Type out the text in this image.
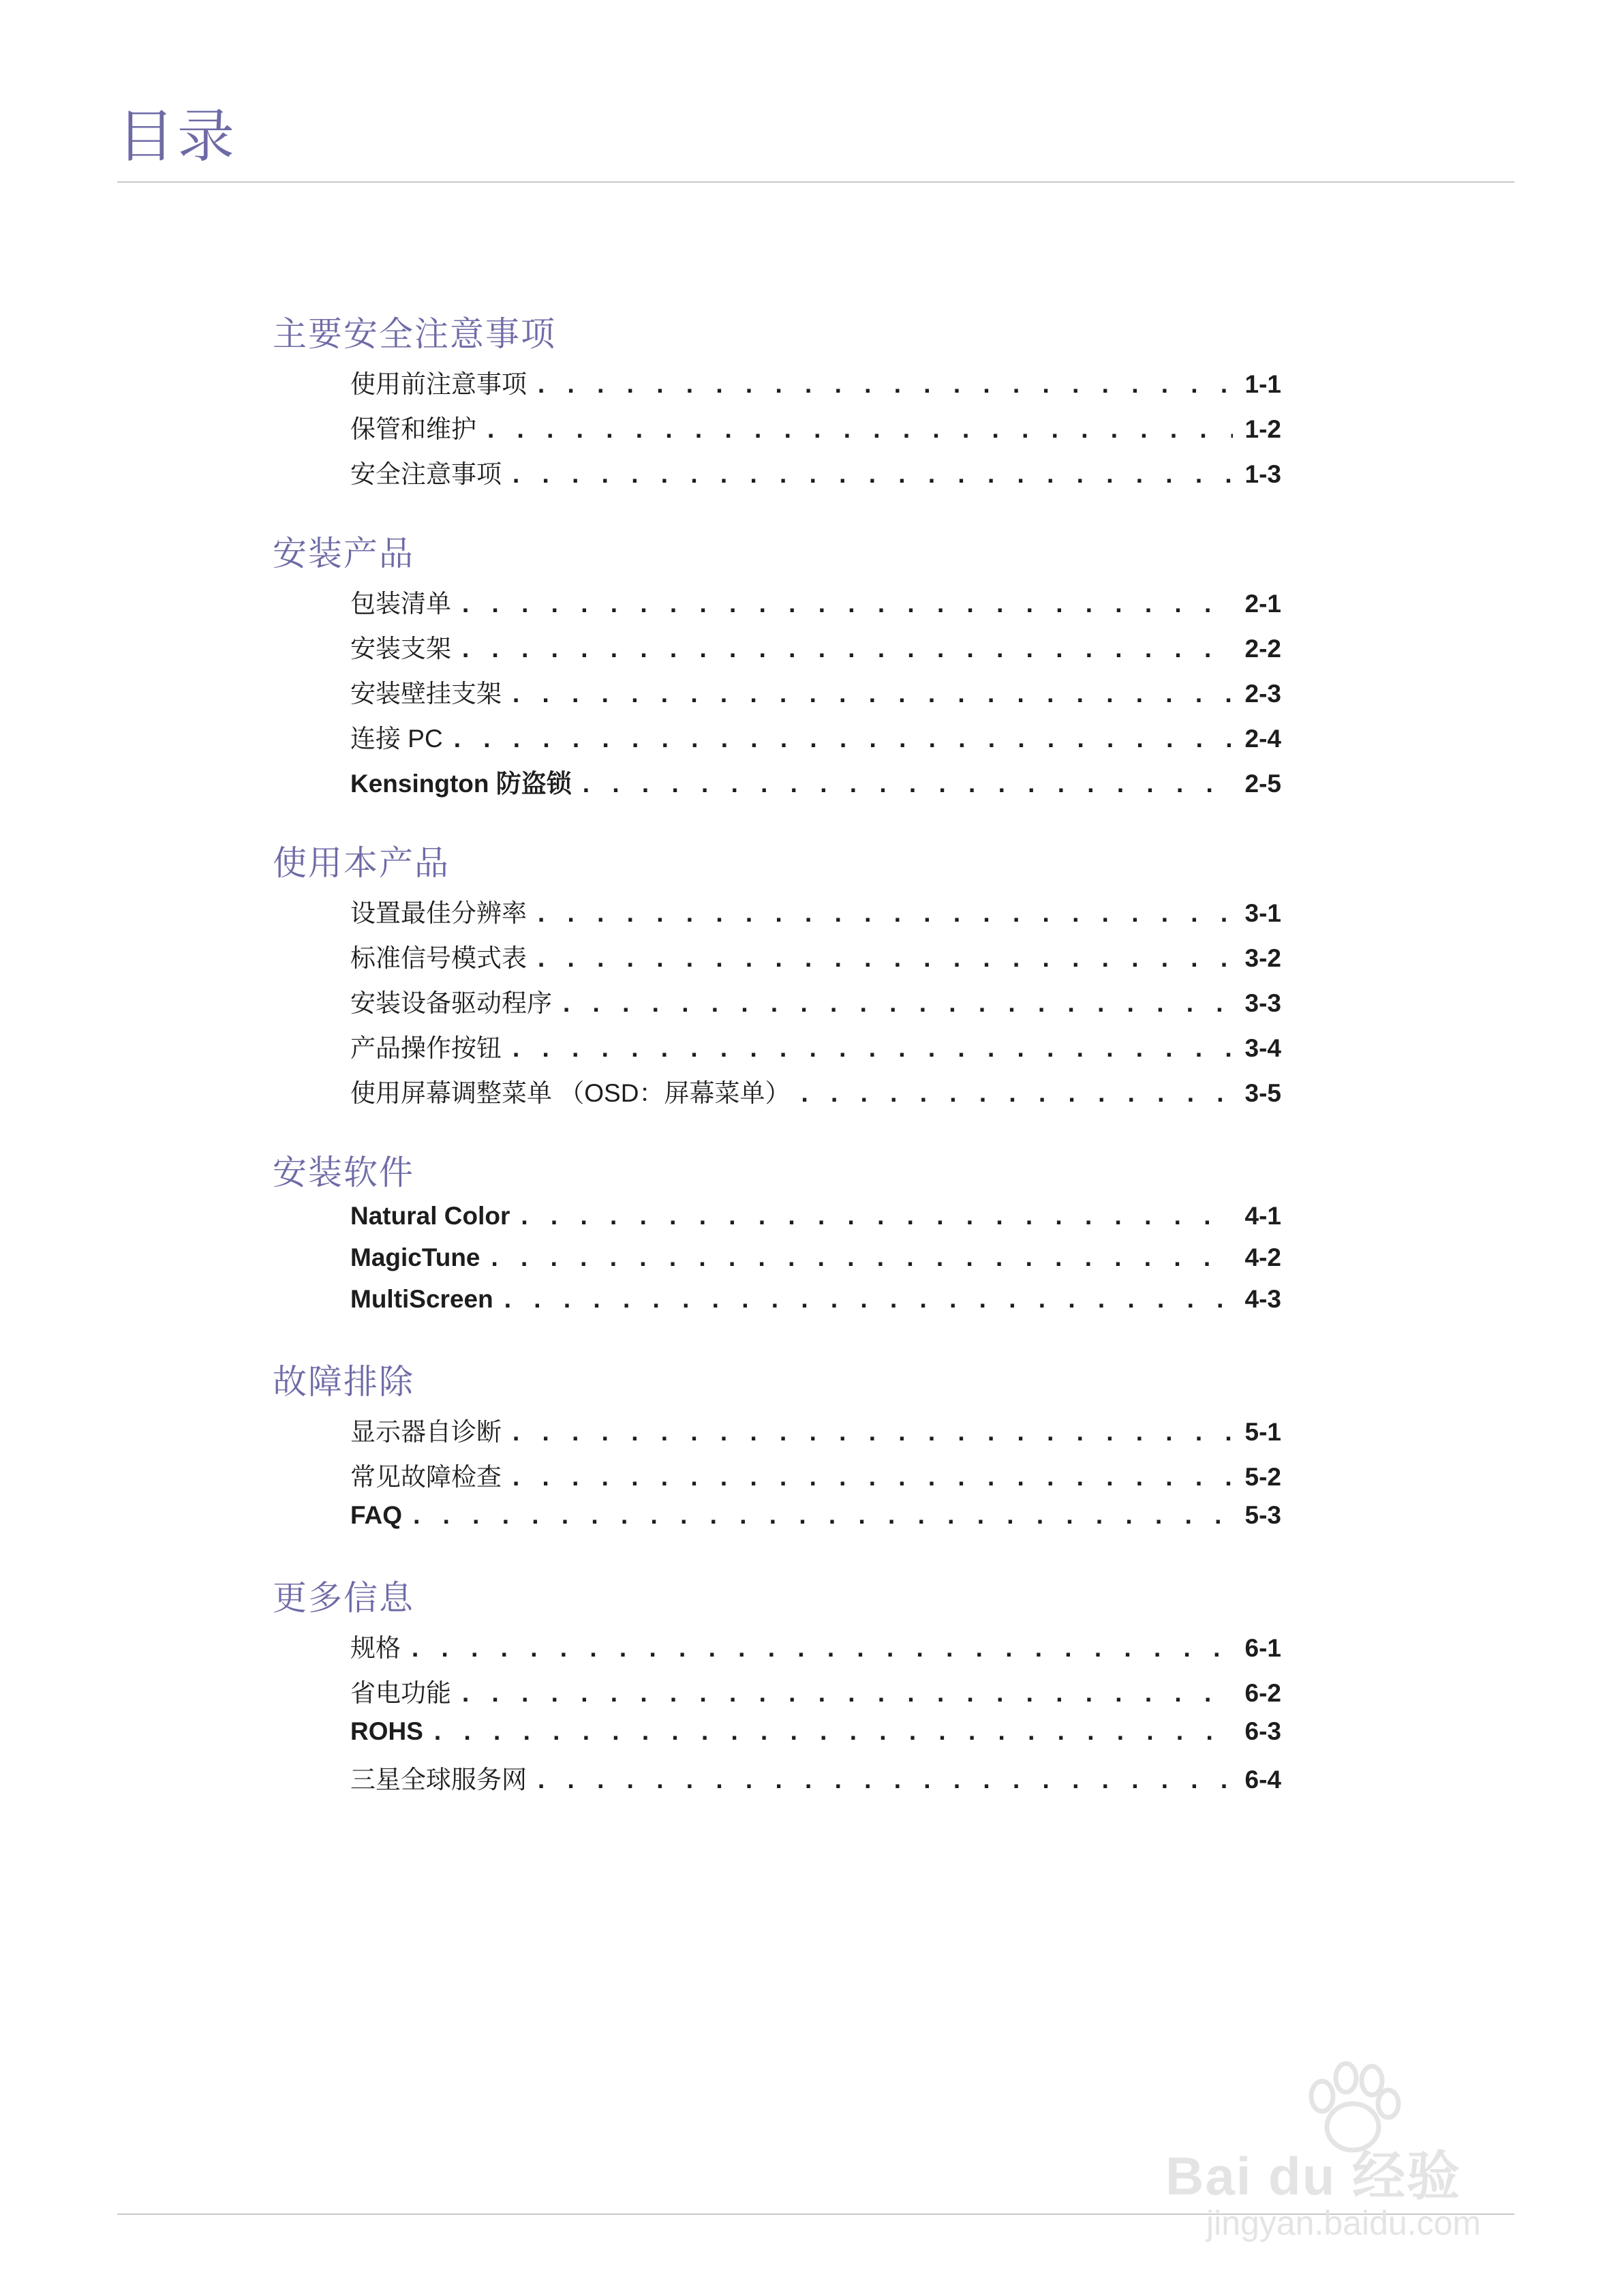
目录
主要安全注意事项
使用前注意事项 . . .	1-1
保管和维护 . . .	1-2
安全注意事项 . . .	1-3
安装产品
包装清单 . . .	2-1
安装支架 . . .	2-2
安装壁挂支架 . . .	2-3
连接 PC . . .	2-4
Kensington 防盗锁 . . .	2-5
使用本产品
设置最佳分辨率 . . .	3-1
标准信号模式表 . . .	3-2
安装设备驱动程序 . . .	3-3
产品操作按钮 . . .	3-4
使用屏幕调整菜单 （OSD：屏幕菜单） . . .	3-5
安装软件
Natural Color . . .	4-1
MagicTune . . .	4-2
MultiScreen . . .	4-3
故障排除
显示器自诊断 . . .	5-1
常见故障检查 . . .	5-2
FAQ . . .	5-3
更多信息
规格 . . .	6-1
省电功能 . . .	6-2
ROHS . . .	6-3
三星全球服务网 . . .	6-4
Bai du 经验
jingyan.baidu.com
